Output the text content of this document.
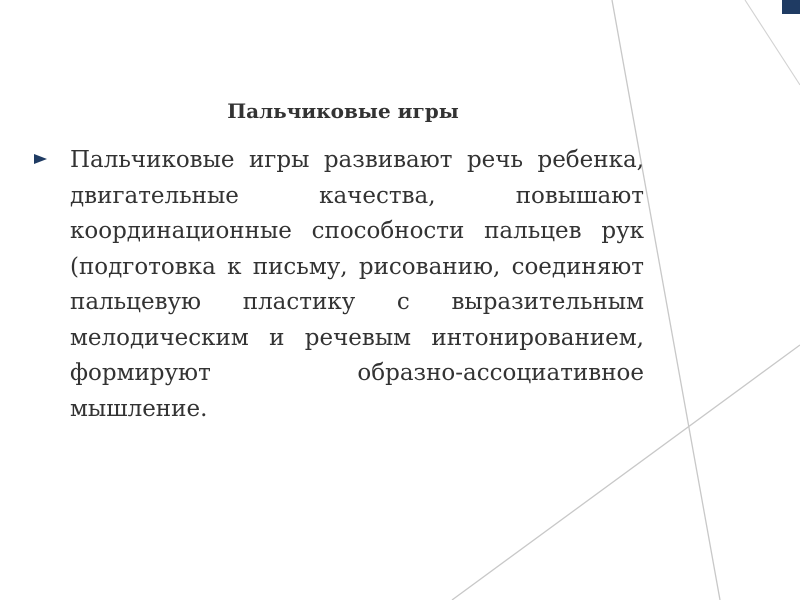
Пальчиковые игры
Пальчиковые игры развивают речь ребенка, двигательные качества, повышают координационные способности пальцев рук (подготовка к письму, рисованию, соединяют пальцевую пластику с выразительным мелодическим и речевым интонированием, формируют образно-ассоциативное мышление.
